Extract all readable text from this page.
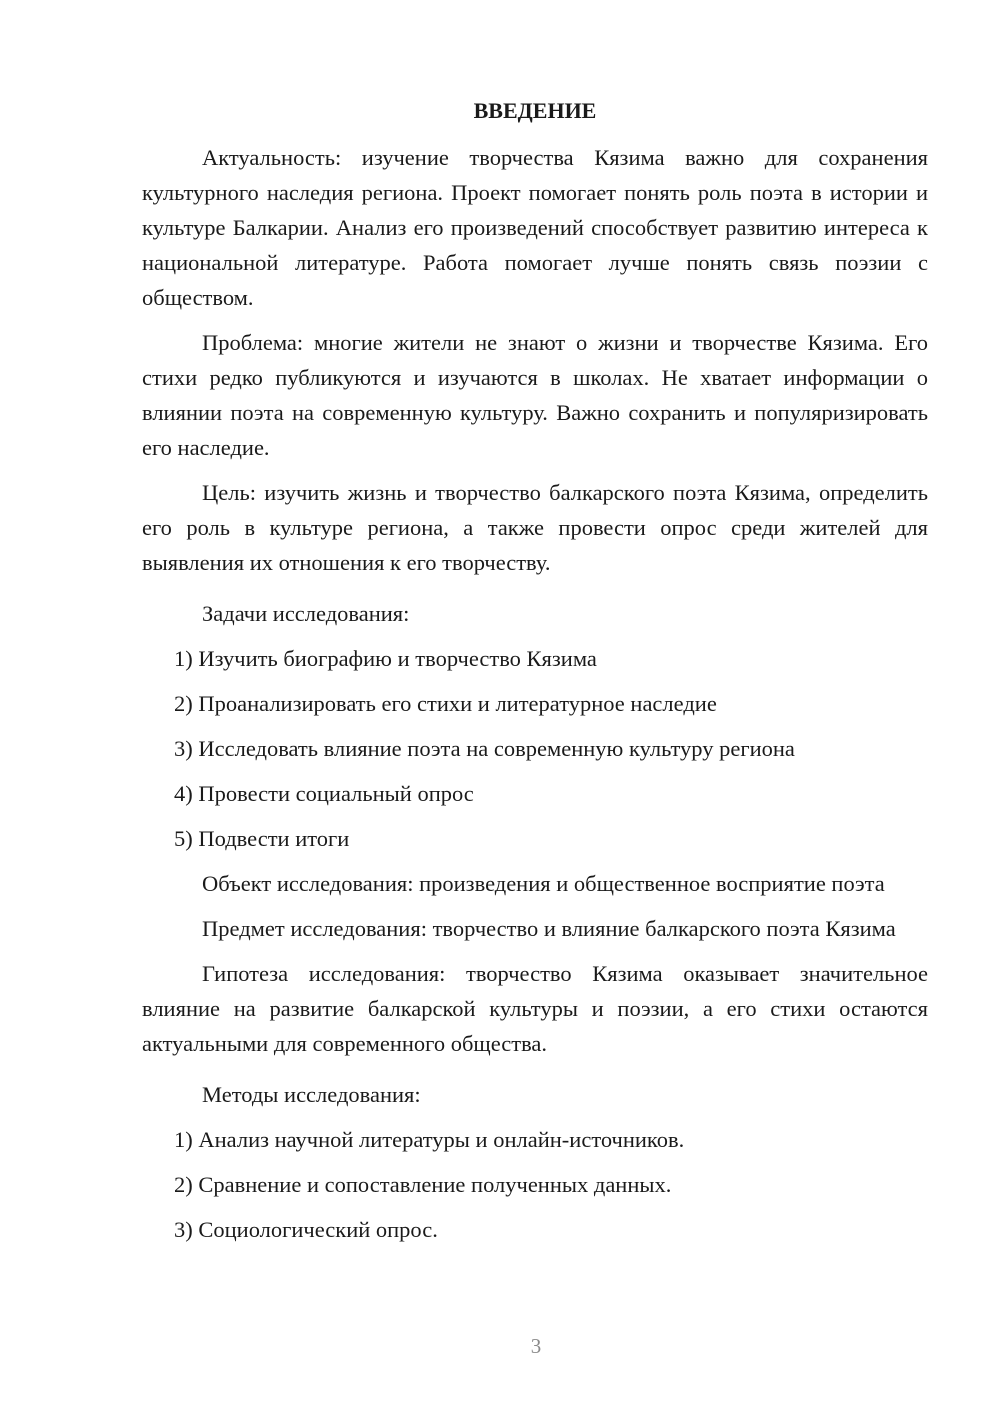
ВВЕДЕНИЕ

Актуальность: изучение творчества Кязима важно для сохранения культурного наследия региона. Проект помогает понять роль поэта в истории и культуре Балкарии. Анализ его произведений способствует развитию интереса к национальной литературе. Работа помогает лучше понять связь поэзии с обществом.

Проблема: многие жители не знают о жизни и творчестве Кязима. Его стихи редко публикуются и изучаются в школах. Не хватает информации о влиянии поэта на современную культуру. Важно сохранить и популяризировать его наследие.

Цель: изучить жизнь и творчество балкарского поэта Кязима, определить его роль в культуре региона, а также провести опрос среди жителей для выявления их отношения к его творчеству.

Задачи исследования:

1) Изучить биографию и творчество Кязима

2) Проанализировать его стихи и литературное наследие

3) Исследовать влияние поэта на современную культуру региона

4) Провести социальный опрос

5) Подвести итоги

Объект исследования: произведения и общественное восприятие поэта

Предмет исследования: творчество и влияние балкарского поэта Кязима

Гипотеза исследования: творчество Кязима оказывает значительное влияние на развитие балкарской культуры и поэзии, а его стихи остаются актуальными для современного общества.

Методы исследования:

1) Анализ научной литературы и онлайн-источников.

2) Сравнение и сопоставление полученных данных.

3) Социологический опрос.

3
